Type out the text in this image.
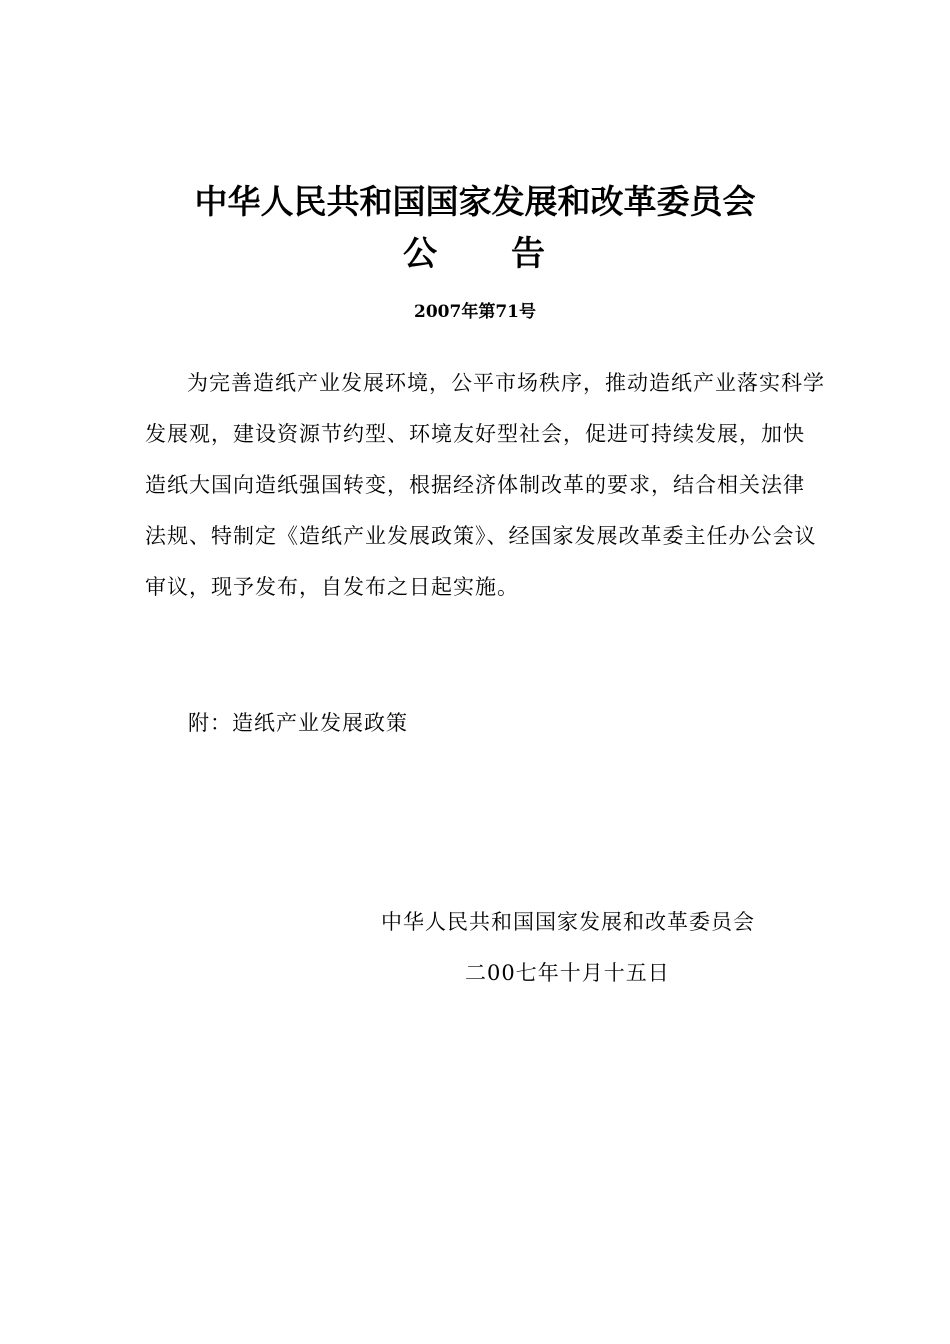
中华人民共和国国家发展和改革委员会
公　　告
2007年第71号

为完善造纸产业发展环境，公平市场秩序，推动造纸产业落实科学发展观，建设资源节约型、环境友好型社会，促进可持续发展，加快造纸大国向造纸强国转变，根据经济体制改革的要求，结合相关法律法规、特制定《造纸产业发展政策》、经国家发展改革委主任办公会议审议，现予发布，自发布之日起实施。

附：造纸产业发展政策
中华人民共和国国家发展和改革委员会
二00七年十月十五日
